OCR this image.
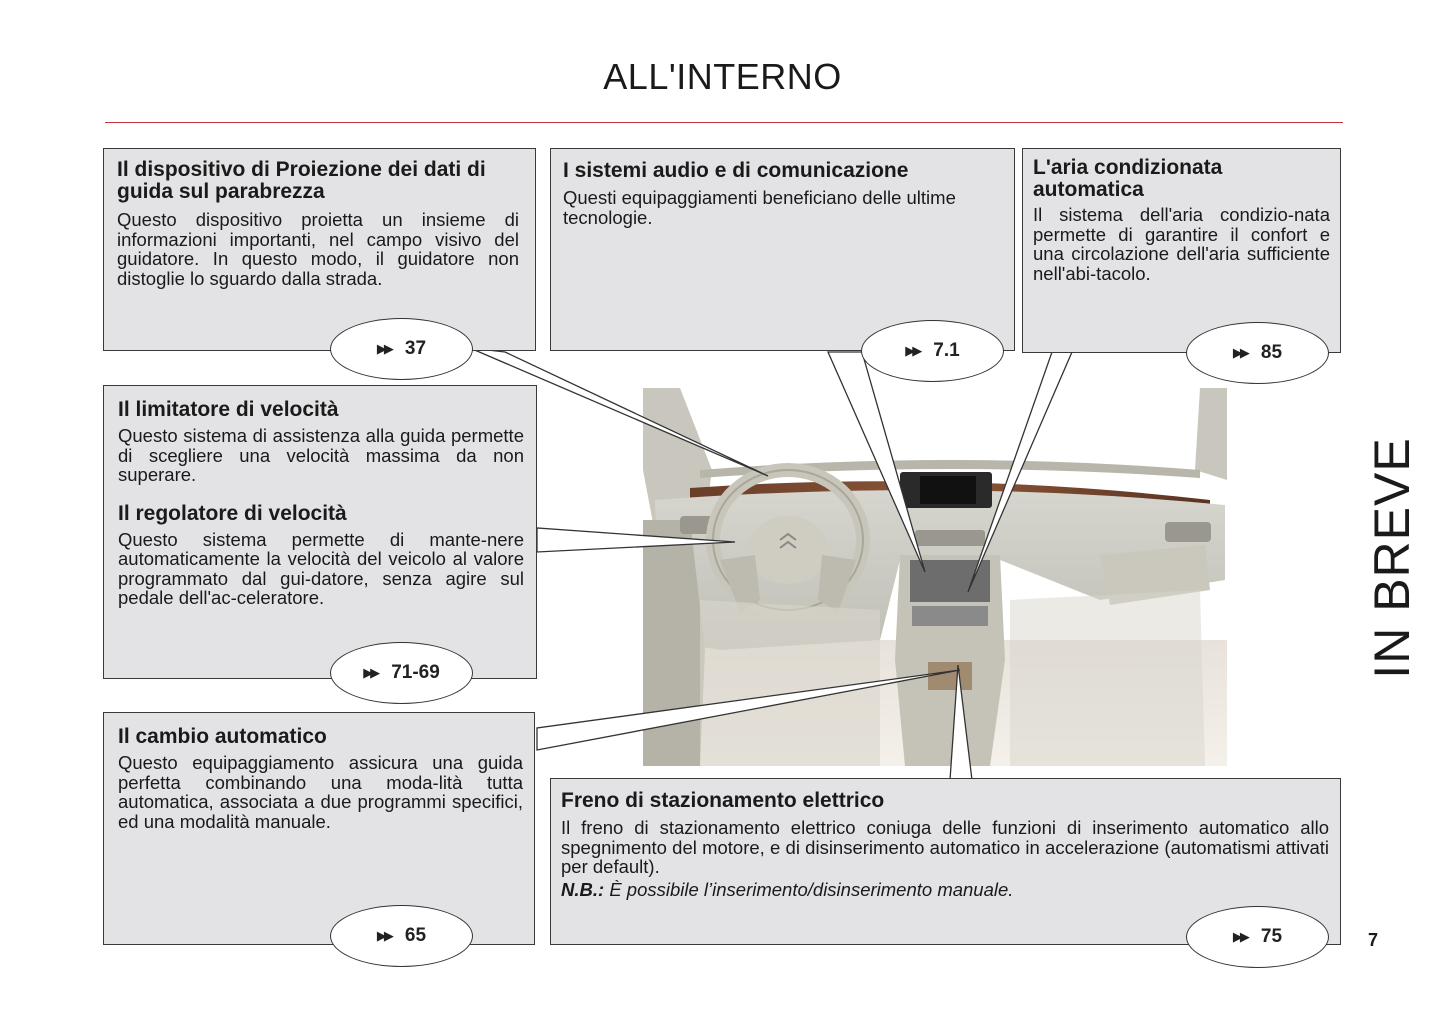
ALL'INTERNO
Il dispositivo di Proiezione dei dati di guida sul parabrezza

Questo dispositivo proietta un insieme di informazioni importanti, nel campo visivo del guidatore. In questo modo, il guidatore non distoglie lo sguardo dalla strada.

I sistemi audio e di comunicazione

Questi equipaggiamenti beneficiano delle ultime tecnologie.

L'aria condizionata automatica

Il sistema dell'aria condizio-nata permette di garantire il confort e una circolazione dell'aria sufficiente nell'abi-tacolo.

Il limitatore di velocità

Questo sistema di assistenza alla guida permette di scegliere una velocità massima da non superare.

Il regolatore di velocità

Questo sistema permette di mante-nere automaticamente la velocità del veicolo al valore programmato dal gui-datore, senza agire sul pedale dell'ac-celeratore.

Il cambio automatico

Questo equipaggiamento assicura una guida perfetta combinando una moda-lità tutta automatica, associata a due programmi specifici, ed una modalità manuale.

Freno di stazionamento elettrico

Il freno di stazionamento elettrico coniuga delle funzioni di inserimento automatico allo spegnimento del motore, e di disinserimento automatico in accelerazione (automatismi attivati per default).

N.B.: È possibile l’inserimento/disinserimento manuale.

▶▶ 37	▶▶ 7.1	▶▶ 85
▶▶ 71-69
▶▶ 65	▶▶ 75
IN BREVE
7
